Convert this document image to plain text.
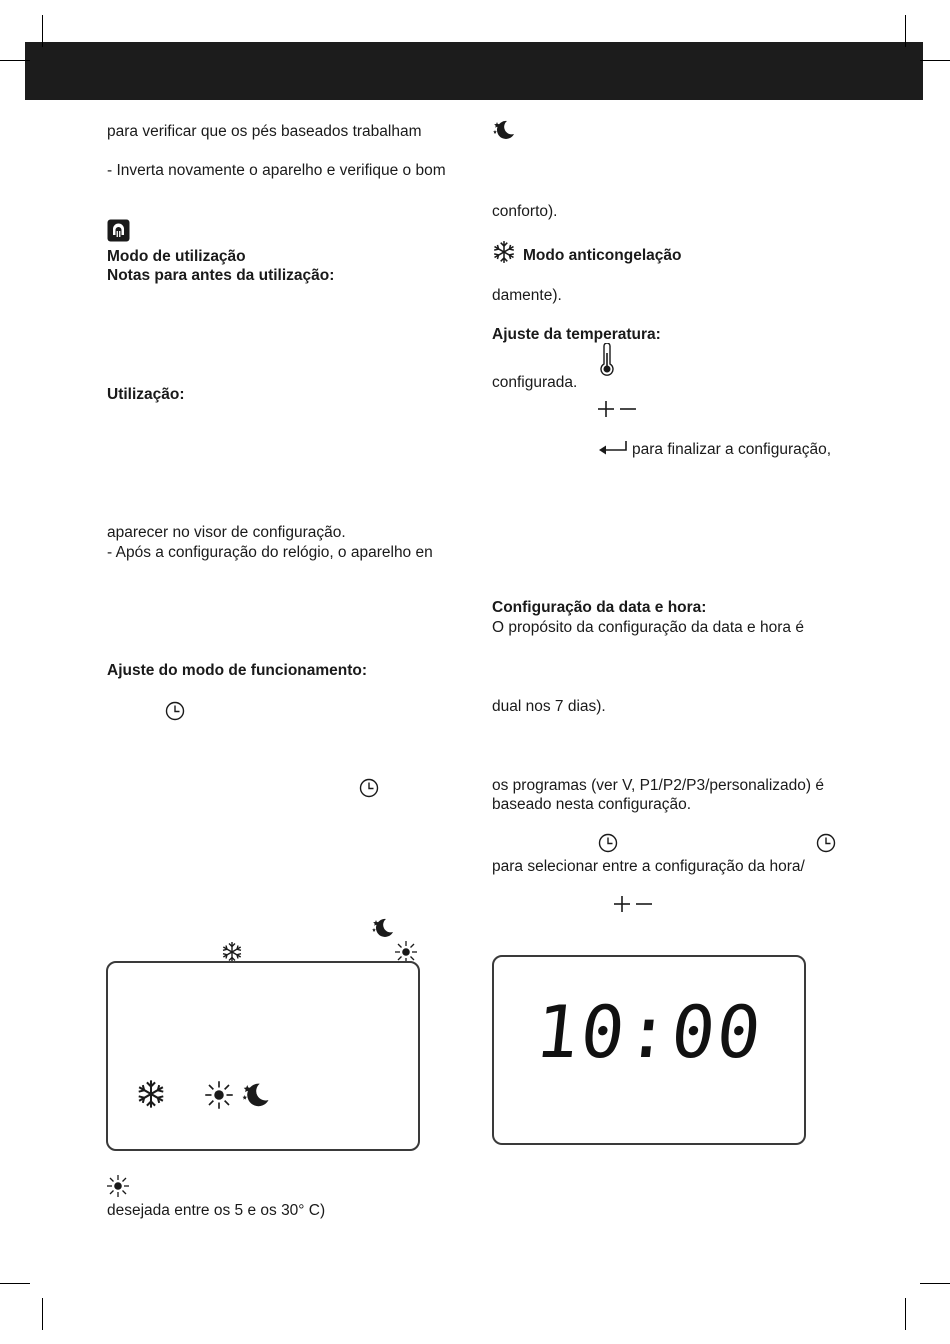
para verificar que os pés baseados trabalham
- Inverta novamente o aparelho e verifique o bom
Modo de utilização
Notas para antes da utilização:
Utilização:
aparecer no visor de configuração.
- Após a configuração do relógio, o aparelho en
Ajuste do modo de funcionamento:
desejada entre os 5 e os 30° C)
conforto).
Modo anticongelação
damente).
Ajuste da temperatura:
configurada.
para finalizar a configuração,
Configuração da data e hora:
O propósito da configuração da data e hora é
dual nos 7 dias).
os programas (ver V, P1/P2/P3/personalizado) é
baseado nesta configuração.
para selecionar entre a configuração da hora/
10:00
